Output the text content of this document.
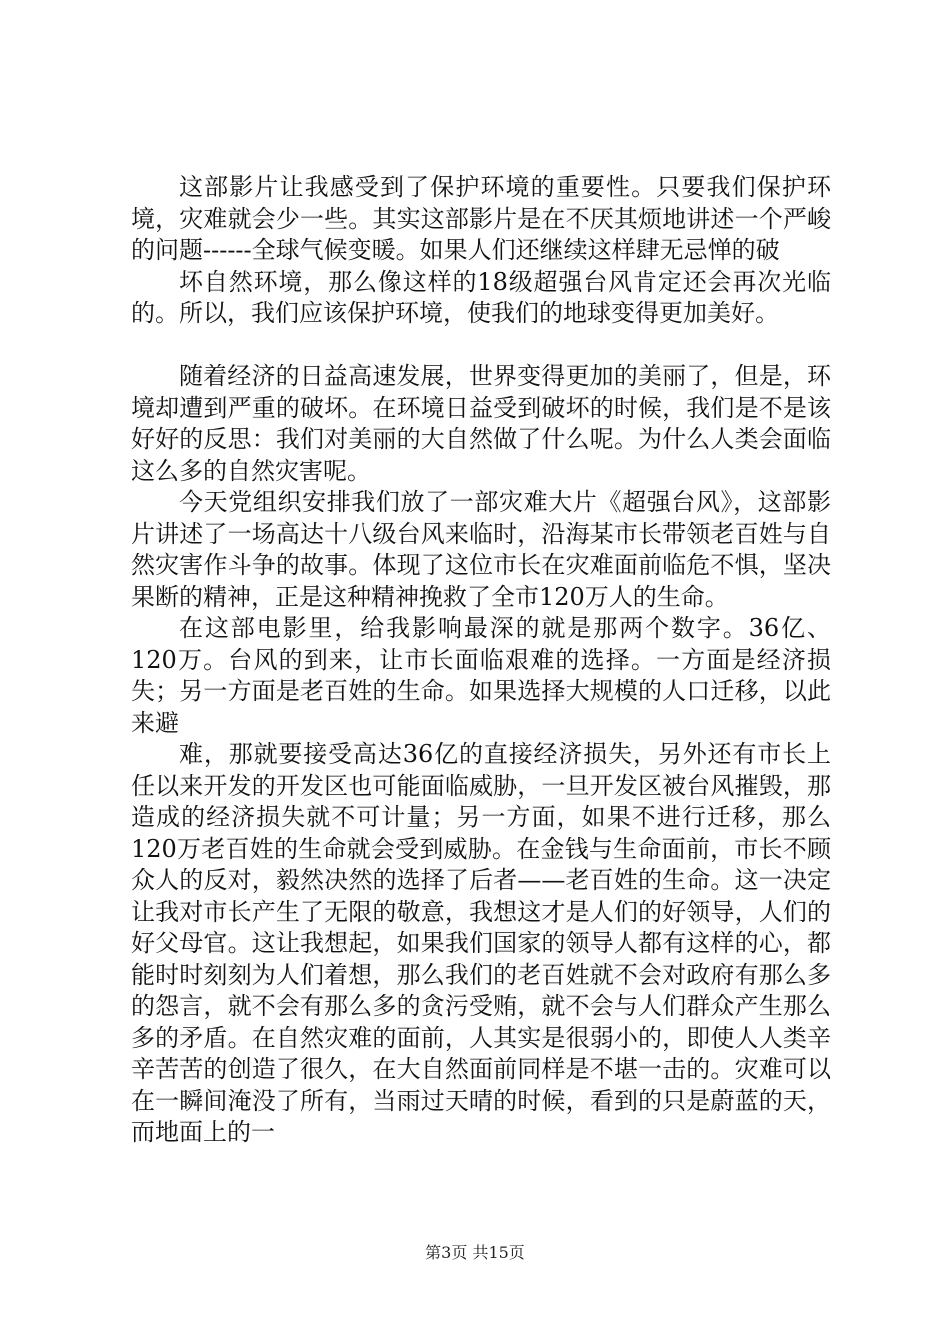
这部影片让我感受到了保护环境的重要性。只要我们保护环境，灾难就会少一些。其实这部影片是在不厌其烦地讲述一个严峻的问题------全球气候变暖。如果人们还继续这样肆无忌惮的破

坏自然环境，那么像这样的18级超强台风肯定还会再次光临的。所以，我们应该保护环境，使我们的地球变得更加美好。

随着经济的日益高速发展，世界变得更加的美丽了，但是，环境却遭到严重的破坏。在环境日益受到破坏的时候，我们是不是该好好的反思：我们对美丽的大自然做了什么呢。为什么人类会面临这么多的自然灾害呢。

今天党组织安排我们放了一部灾难大片《超强台风》，这部影片讲述了一场高达十八级台风来临时，沿海某市长带领老百姓与自然灾害作斗争的故事。体现了这位市长在灾难面前临危不惧，坚决果断的精神，正是这种精神挽救了全市120万人的生命。

在这部电影里，给我影响最深的就是那两个数字。36亿、120万。台风的到来，让市长面临艰难的选择。一方面是经济损失；另一方面是老百姓的生命。如果选择大规模的人口迁移，以此来避

难，那就要接受高达36亿的直接经济损失，另外还有市长上任以来开发的开发区也可能面临威胁，一旦开发区被台风摧毁，那造成的经济损失就不可计量；另一方面，如果不进行迁移，那么120万老百姓的生命就会受到威胁。在金钱与生命面前，市长不顾众人的反对，毅然决然的选择了后者——老百姓的生命。这一决定让我对市长产生了无限的敬意，我想这才是人们的好领导，人们的好父母官。这让我想起，如果我们国家的领导人都有这样的心，都能时时刻刻为人们着想，那么我们的老百姓就不会对政府有那么多的怨言，就不会有那么多的贪污受贿，就不会与人们群众产生那么多的矛盾。在自然灾难的面前，人其实是很弱小的，即使人人类辛辛苦苦的创造了很久，在大自然面前同样是不堪一击的。灾难可以在一瞬间淹没了所有，当雨过天晴的时候，看到的只是蔚蓝的天，而地面上的一

第3页 共15页
